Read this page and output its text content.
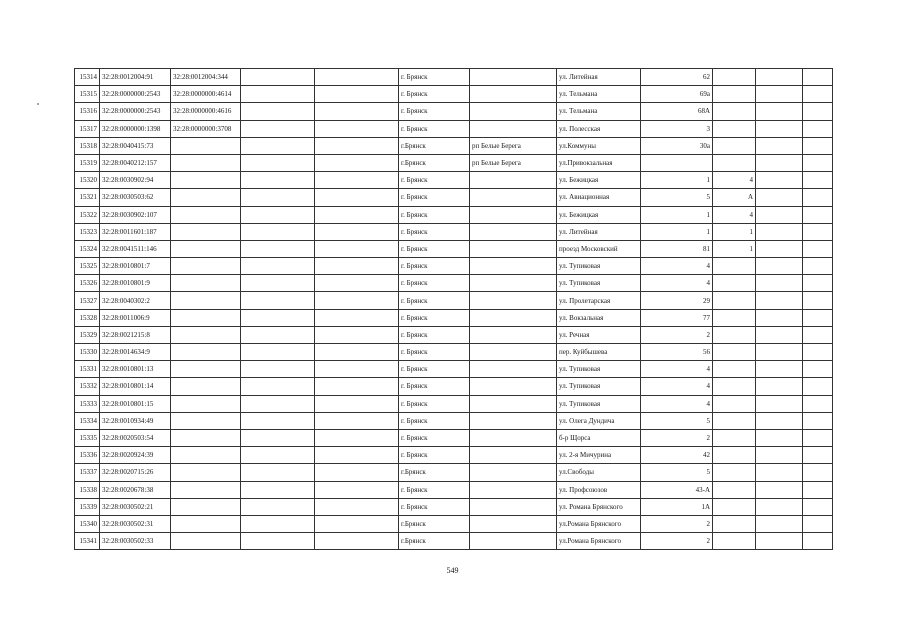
15314	32:28:0012004:91	32:28:0012004:344			г. Брянск		ул. Литейная	62			
15315	32:28:0000000:2543	32:28:0000000:4614			г. Брянск		ул. Тельмана	69а			
15316	32:28:0000000:2543	32:28:0000000:4616			г. Брянск		ул. Тельмана	68А			
15317	32:28:0000000:1398	32:28:0000000:3708			г. Брянск		ул. Полесская	3			
15318	32:28:0040415:73				г.Брянск	рп Белые Берега	ул.Коммуны	30а			
15319	32:28:0040212:157				г.Брянск	рп Белые Берега	ул.Привокзальная				
15320	32:28:0030902:94				г. Брянск		ул. Бежицкая	1	4		
15321	32:28:0030503:62				г. Брянск		ул. Авиационная	5	А		
15322	32:28:0030902:107				г. Брянск		ул. Бежицкая	1	4		
15323	32:28:0011601:187				г. Брянск		ул. Литейная	1	1		
15324	32:28:0041511:146				г. Брянск		проезд Московский	81	1		
15325	32:28:0010801:7				г. Брянск		ул. Тупиковая	4			
15326	32:28:0010801:9				г. Брянск		ул. Тупиковая	4			
15327	32:28:0040302:2				г. Брянск		ул. Пролетарская	29			
15328	32:28:0011006:9				г. Брянск		ул. Вокзальная	77			
15329	32:28:0021215:8				г. Брянск		ул. Речная	2			
15330	32:28:0014634:9				г. Брянск		пер. Куйбышева	56			
15331	32:28:0010801:13				г. Брянск		ул. Тупиковая	4			
15332	32:28:0010801:14				г. Брянск		ул. Тупиковая	4			
15333	32:28:0010801:15				г. Брянск		ул. Тупиковая	4			
15334	32:28:0010934:49				г. Брянск		ул. Олега Дундича	5			
15335	32:28:0020503:54				г. Брянск		б-р Щорса	2			
15336	32:28:0020924:39				г. Брянск		ул. 2-я Мичурина	42			
15337	32:28:0020715:26				г.Брянск		ул.Свободы	5			
15338	32:28:0020678:38				г. Брянск		ул. Профсоюзов	43-А			
15339	32:28:0030502:21				г. Брянск		ул. Романа Брянского	1А			
15340	32:28:0030502:31				г.Брянск		ул.Романа Брянского	2			
15341	32:28:0030502:33				г.Брянск		ул.Романа Брянского	2			
549
